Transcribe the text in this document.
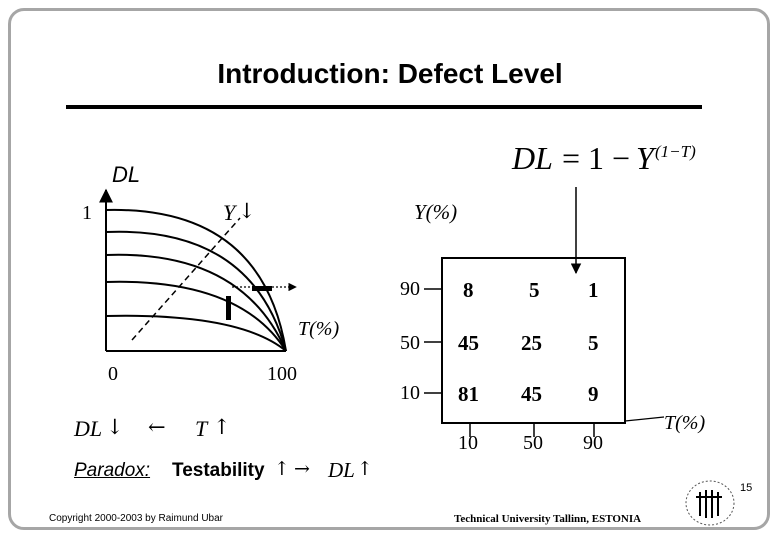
Introduction: Defect Level
DL = 1 − Y (1−T)
DL
1
0	100
T(%)
Y ↓
DL ↓ ← T ↑
Paradox: Testability ↑ → DL ↑
Y(%)
T(%)
90
50
10
10 50 90
8	5 1
45 25 5
81 45 9
Copyright 2000-2003 by Raimund Ubar	Technical University Tallinn, ESTONIA
15
